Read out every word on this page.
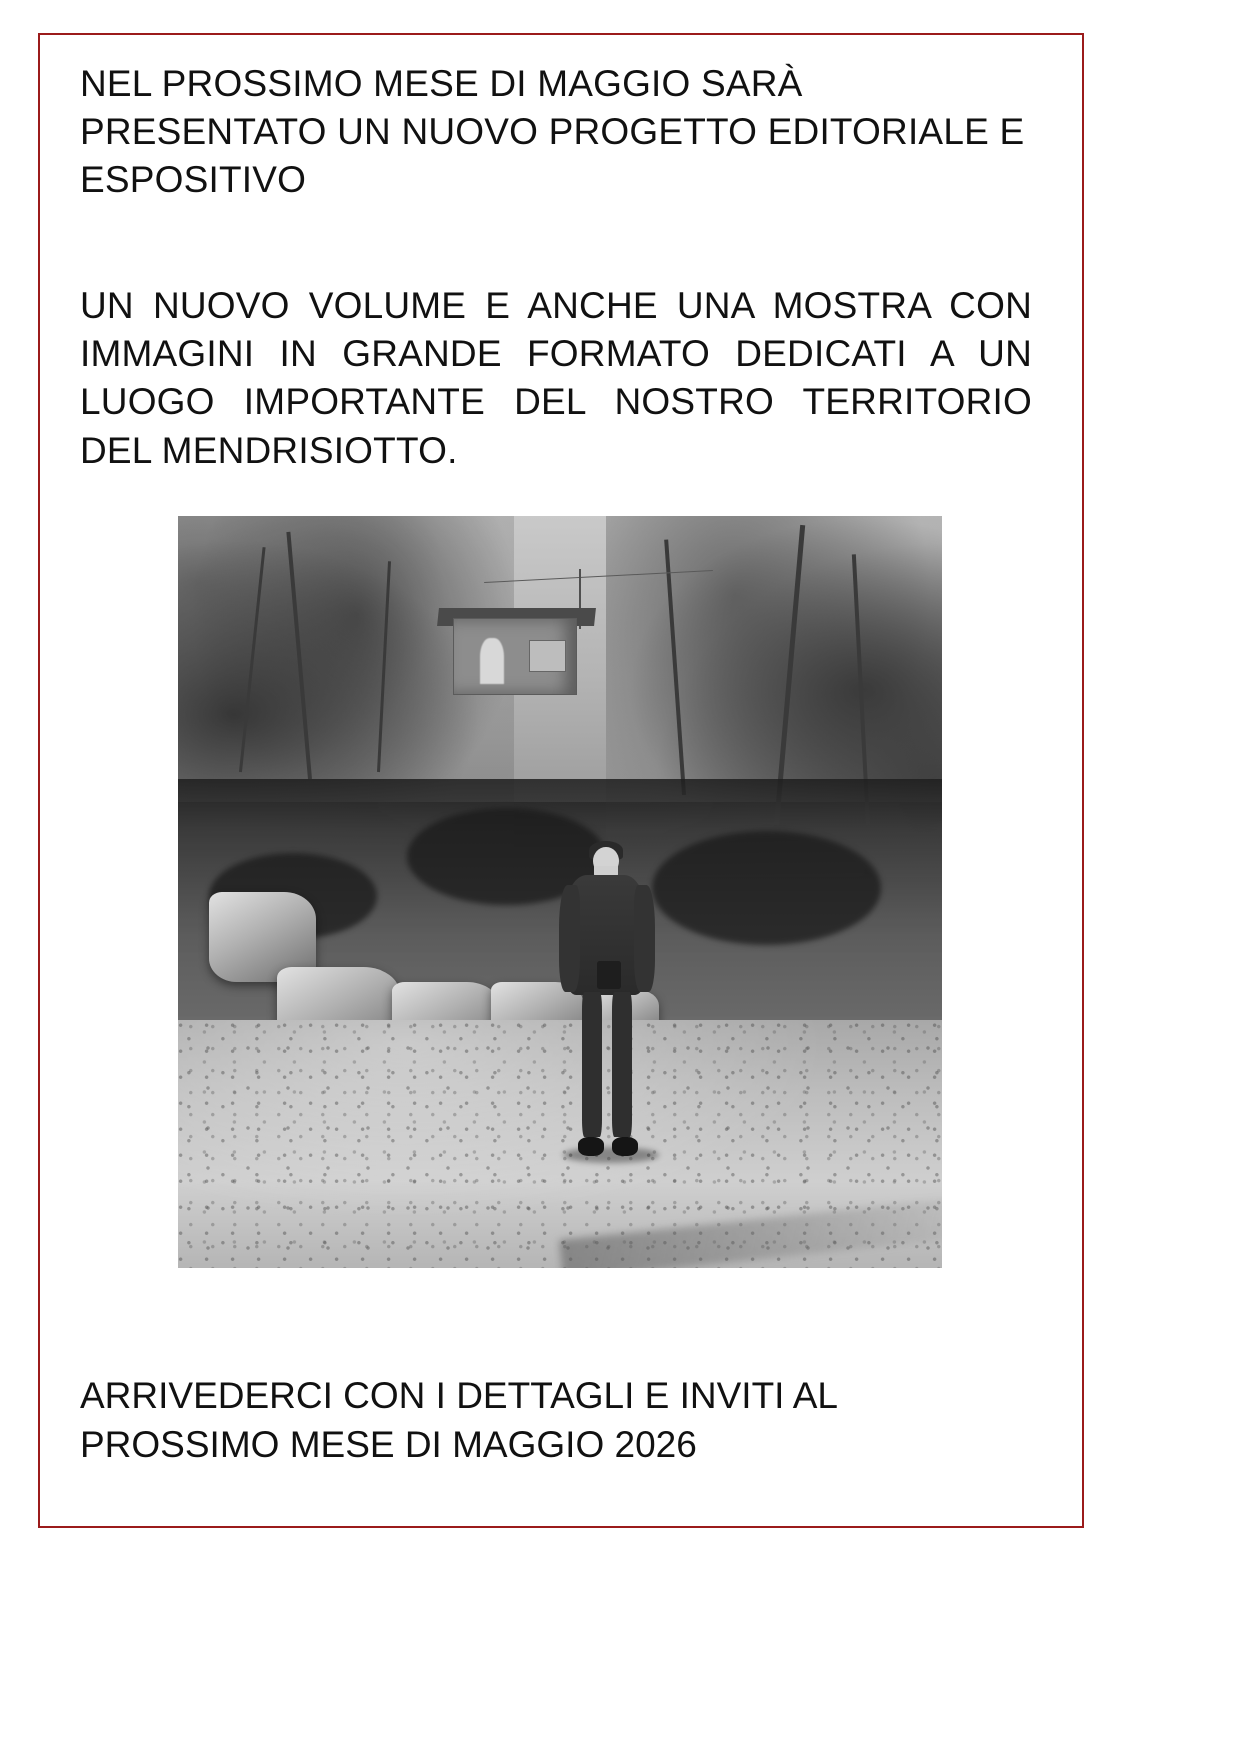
NEL PROSSIMO MESE DI MAGGIO SARÀ PRESENTATO UN NUOVO PROGETTO EDITORIALE E ESPOSITIVO

UN NUOVO VOLUME E ANCHE UNA MOSTRA CON IMMAGINI IN GRANDE FORMATO DEDICATI A UN LUOGO IMPORTANTE DEL NOSTRO TERRITORIO DEL MENDRISIOTTO.

ARRIVEDERCI CON I DETTAGLI E INVITI AL

PROSSIMO MESE DI MAGGIO 2026
